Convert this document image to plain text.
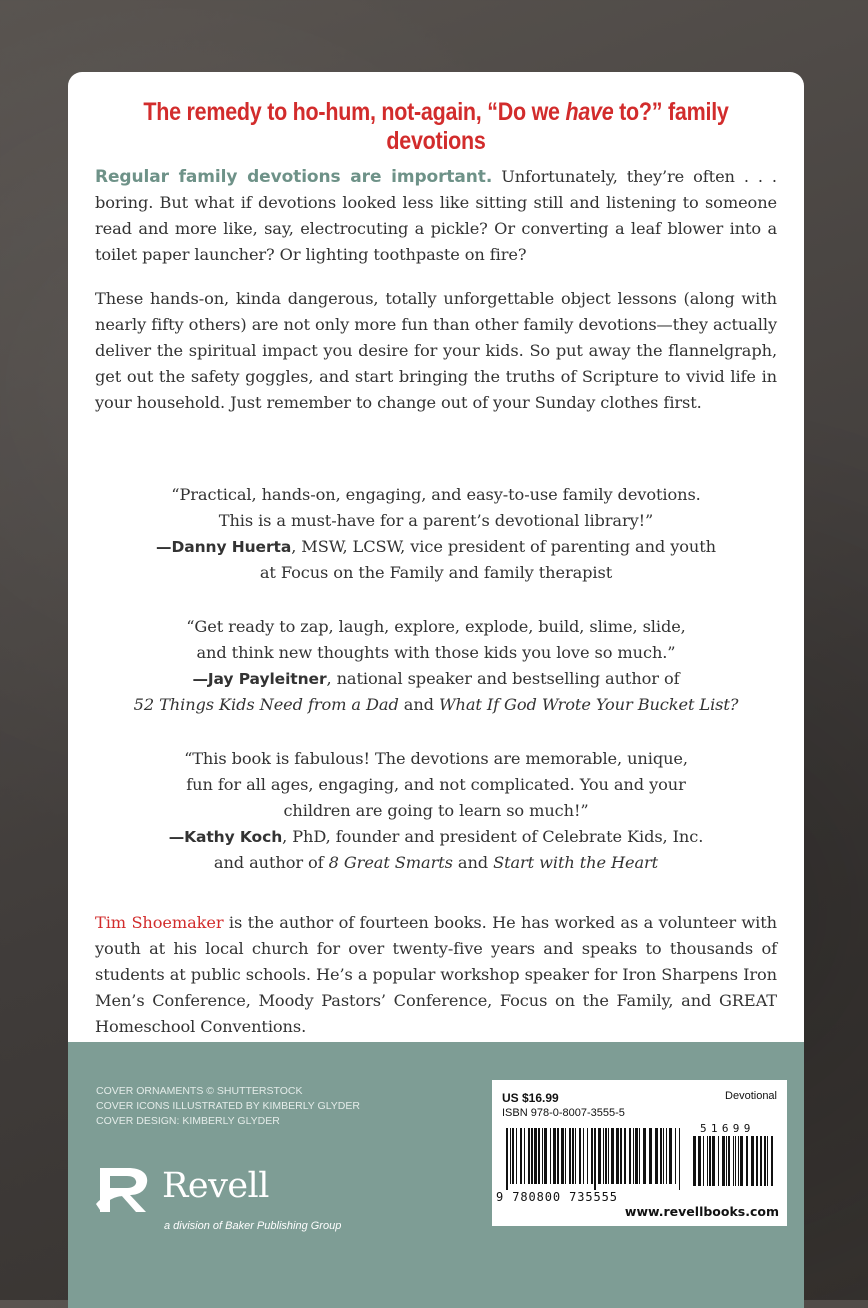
The remedy to ho-hum, not-again, “Do we have to?” family devotions
Regular family devotions are important. Unfortunately, they’re often . . . boring. But what if devotions looked less like sitting still and listening to someone read and more like, say, electrocuting a pickle? Or converting a leaf blower into a toilet paper launcher? Or lighting toothpaste on fire?
These hands-on, kinda dangerous, totally unforgettable object lessons (along with nearly fifty others) are not only more fun than other family devotions—they actually deliver the spiritual impact you desire for your kids. So put away the flannelgraph, get out the safety goggles, and start bringing the truths of Scripture to vivid life in your household. Just remember to change out of your Sunday clothes first.
“Practical, hands-on, engaging, and easy-to-use family devotions.
This is a must-have for a parent’s devotional library!”
—Danny Huerta, MSW, LCSW, vice president of parenting and youth
at Focus on the Family and family therapist
“Get ready to zap, laugh, explore, explode, build, slime, slide,
and think new thoughts with those kids you love so much.”
—Jay Payleitner, national speaker and bestselling author of
52 Things Kids Need from a Dad and What If God Wrote Your Bucket List?
“This book is fabulous! The devotions are memorable, unique,
fun for all ages, engaging, and not complicated. You and your
children are going to learn so much!”
—Kathy Koch, PhD, founder and president of Celebrate Kids, Inc.
and author of 8 Great Smarts and Start with the Heart
Tim Shoemaker is the author of fourteen books. He has worked as a volunteer with youth at his local church for over twenty-five years and speaks to thousands of students at public schools. He’s a popular workshop speaker for Iron Sharpens Iron Men’s Conference, Moody Pastors’ Conference, Focus on the Family, and GREAT Homeschool Conventions.
COVER ORNAMENTS © SHUTTERSTOCK
COVER ICONS ILLUSTRATED BY KIMBERLY GLYDER
COVER DESIGN: KIMBERLY GLYDER
Revell
a division of Baker Publishing Group
US $16.99
ISBN 978-0-8007-3555-5
Devotional
9 780800 735555
51699
www.revellbooks.com
